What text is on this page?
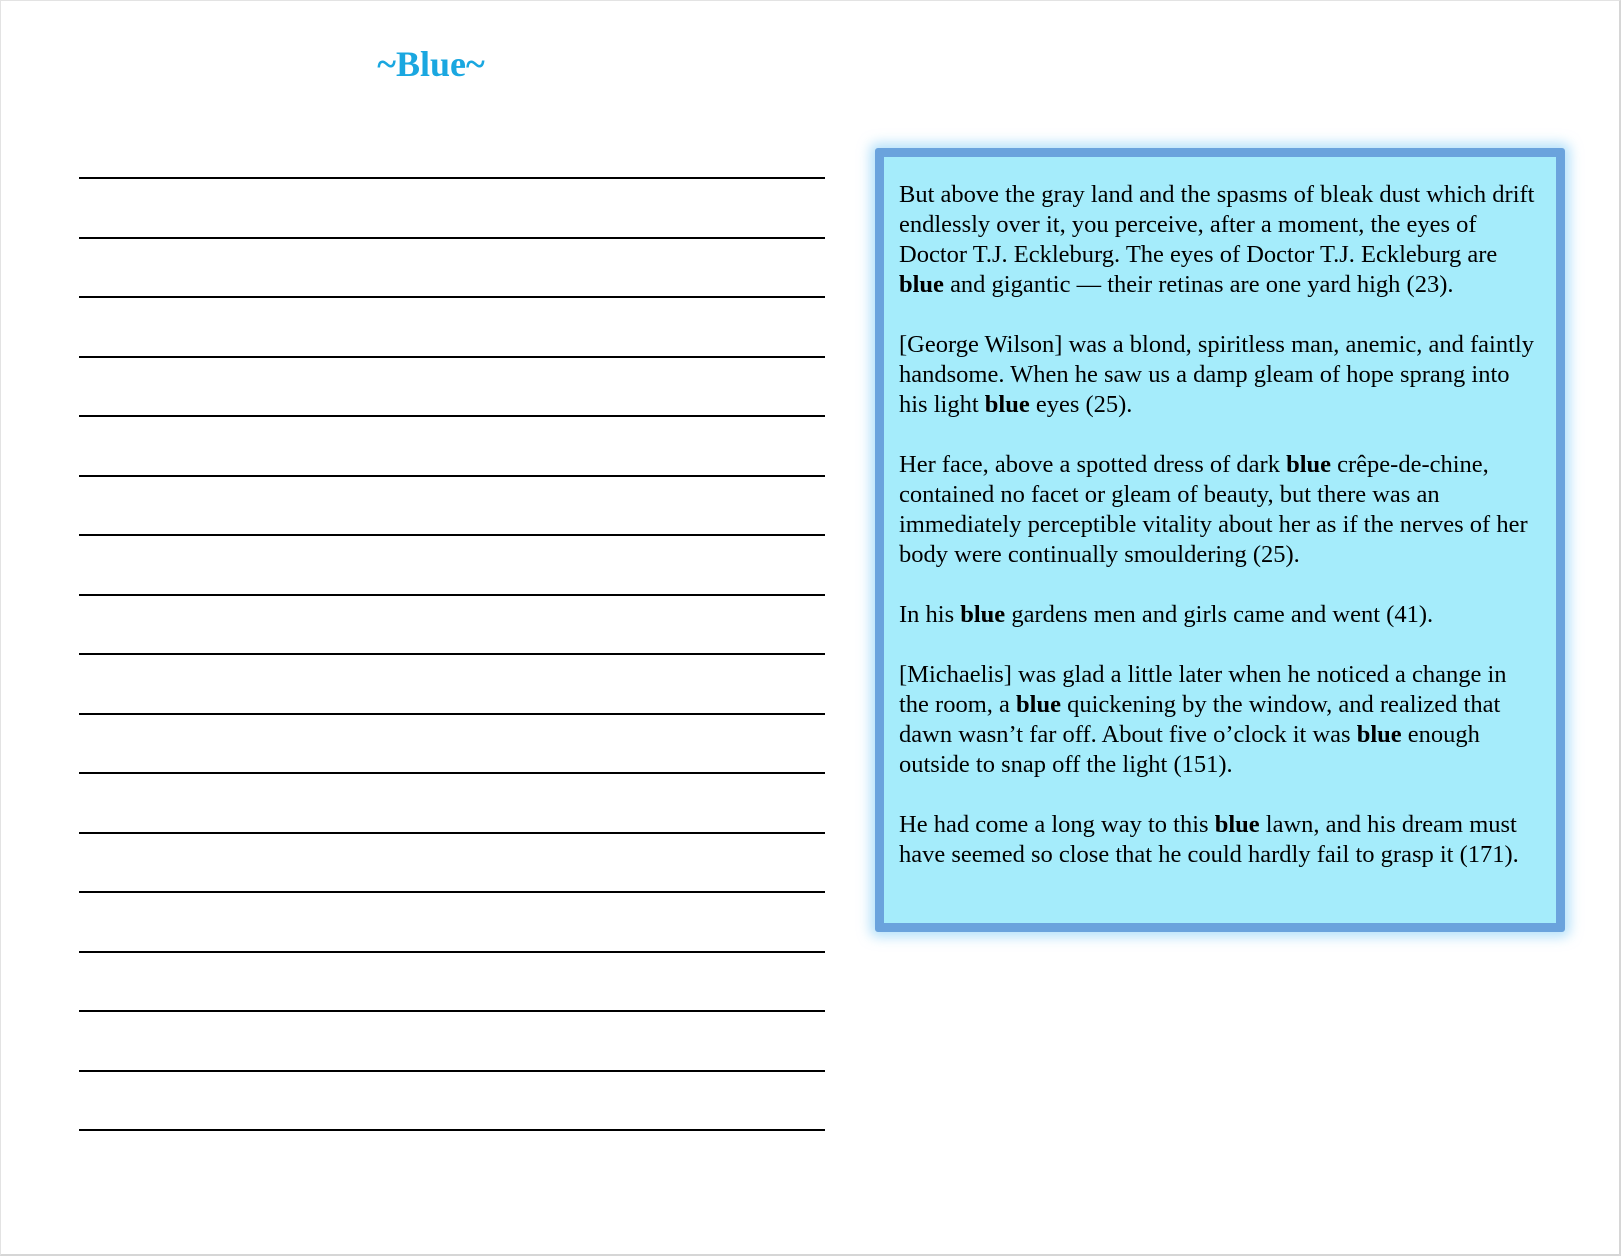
~Blue~

But above the gray land and the spasms of bleak dust which drift endlessly over it, you perceive, after a moment, the eyes of Doctor T.J. Eckleburg. The eyes of Doctor T.J. Eckleburg are blue and gigantic — their retinas are one yard high (23).

[George Wilson] was a blond, spiritless man, anemic, and faintly handsome. When he saw us a damp gleam of hope sprang into his light blue eyes (25).

Her face, above a spotted dress of dark blue crêpe-de-chine, contained no facet or gleam of beauty, but there was an immediately perceptible vitality about her as if the nerves of her body were continually smouldering (25).

In his blue gardens men and girls came and went (41).

[Michaelis] was glad a little later when he noticed a change in the room, a blue quickening by the window, and realized that dawn wasn’t far off. About five o’clock it was blue enough outside to snap off the light (151).

He had come a long way to this blue lawn, and his dream must have seemed so close that he could hardly fail to grasp it (171).
